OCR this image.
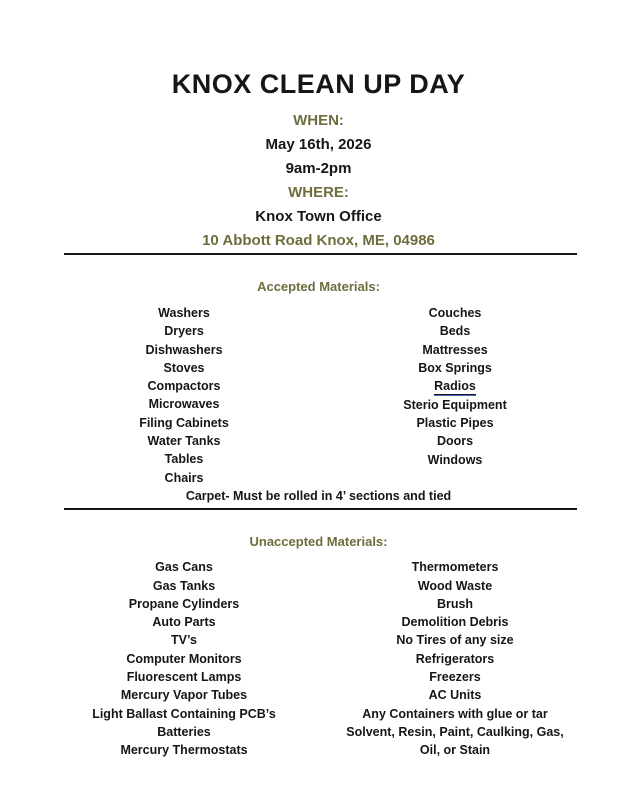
KNOX CLEAN UP DAY
WHEN:
May 16th, 2026
9am-2pm
WHERE:
Knox Town Office
10 Abbott Road Knox, ME, 04986
Accepted Materials:
Washers
Dryers
Dishwashers
Stoves
Compactors
Microwaves
Filing Cabinets
Water Tanks
Tables
Chairs
Couches
Beds
Mattresses
Box Springs
Radios
Sterio Equipment
Plastic Pipes
Doors
Windows
Carpet- Must be rolled in 4’ sections and tied
Unaccepted Materials:
Gas Cans
Gas Tanks
Propane Cylinders
Auto Parts
TV’s
Computer Monitors
Fluorescent Lamps
Mercury Vapor Tubes
Light Ballast Containing PCB’s
Batteries
Mercury Thermostats
Thermometers
Wood Waste
Brush
Demolition Debris
No Tires of any size
Refrigerators
Freezers
AC Units
Any Containers with glue or tar
Solvent, Resin, Paint, Caulking, Gas,
Oil, or Stain
